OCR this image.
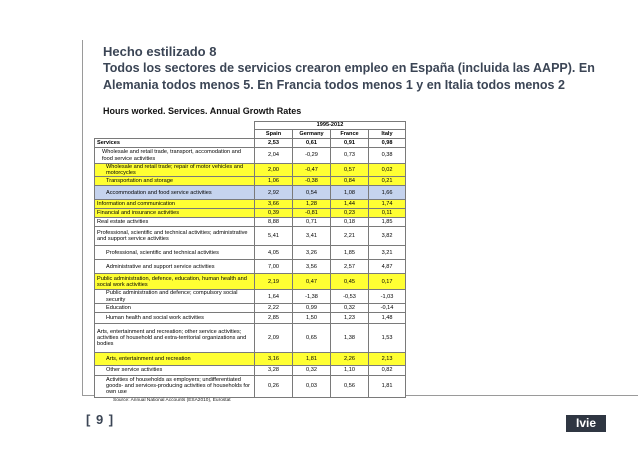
Hecho estilizado 8
Todos los sectores de servicios crearon empleo en España (incluida las AAPP). En Alemania todos menos 5. En Francia todos menos 1 y en Italia todos menos 2
Hours worked. Services. Annual Growth Rates
	1995-2012			
	Spain	Germany	France	Italy
Services	2,53	0,61	0,91	0,98
Wholesale and retail trade, transport, accomodation and food service activities	2,04	-0,29	0,73	0,38
Wholesale and retail trade; repair of motor vehicles and motorcycles	2,00	-0,47	0,57	0,02
Transportation and storage	1,06	-0,38	0,84	0,21
Accommodation and food service activities	2,92	0,54	1,08	1,66
Information and communication	3,66	1,28	1,44	1,74
Financial and insurance activities	0,39	-0,81	0,23	0,11
Real estate activities	8,88	0,71	0,18	1,85
Professional, scientific and technical activities; administrative and support service activities	5,41	3,41	2,21	3,82
Professional, scientific and technical activities	4,05	3,26	1,85	3,21
Administrative and support service activities	7,00	3,56	2,57	4,87
Public administration, defence, education, human health and social work activities	2,19	0,47	0,45	0,17
Public administration and defence; compulsory social security	1,64	-1,38	-0,53	-1,03
Education	2,22	0,99	0,32	-0,14
Human health and social work activities	2,85	1,50	1,23	1,48
Arts, entertainment and recreation; other service activities; activities of household and extra-territorial organizations and bodies	2,09	0,65	1,38	1,53
Arts, entertainment and recreation	3,16	1,81	2,26	2,13
Other service activities	3,28	0,32	1,10	0,82
Activities of households as employers; undifferentiated goods- and services-producing activities of households for own use	0,26	0,03	0,56	1,81
Source: Annual National Accounts (ESA2010), Eurostat
[ 9 ]	Ivie
